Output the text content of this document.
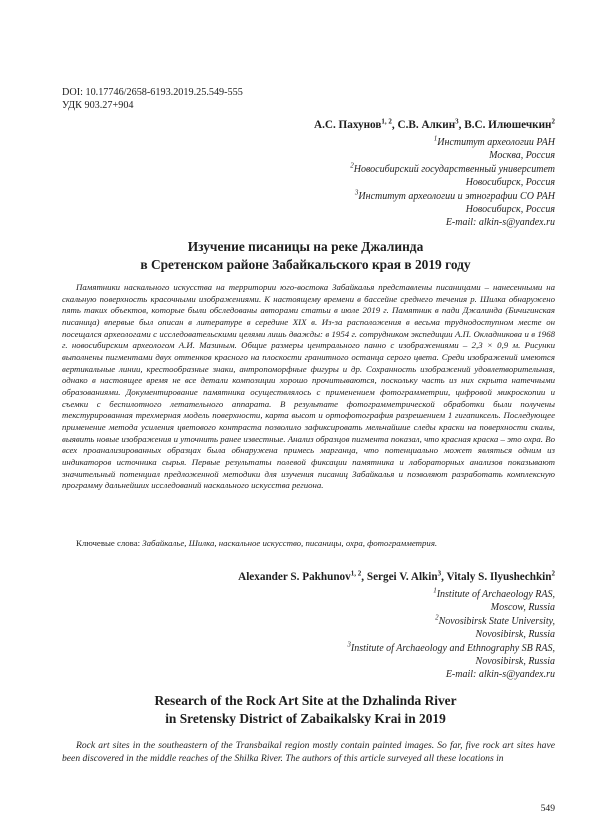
DOI: 10.17746/2658-6193.2019.25.549-555
УДК 903.27+904
А.С. Пахунов$^{1, 2}$, С.В. Алкин$^3$, В.С. Илюшечкин$^2$
$^1$Институт археологии РАН
Москва, Россия
$^2$Новосибирский государственный университет
Новосибирск, Россия
$^3$Институт археологии и этнографии СО РАН
Новосибирск, Россия
E-mail: alkin-s@yandex.ru
Изучение писаницы на реке Джалинда
в Сретенском районе Забайкальского края в 2019 году
Памятники наскального искусства на территории юго-востока Забайкалья представлены писаницами – нанесенными на скальную поверхность красочными изображениями. К настоящему времени в бассейне среднего течения р. Шилка обнаружено пять таких объектов, которые были обследованы авторами статьи в июле 2019 г. Памятник в пади Джалинда (Бичигинская писаница) впервые был описан в литературе в середине XIX в. Из-за расположения в весьма труднодоступном месте он посещался археологами с исследовательскими целями лишь дважды: в 1954 г. сотрудником экспедиции А.П. Окладникова и в 1968 г. новосибирским археологом А.И. Мазиным. Общие размеры центрального панно с изображениями – 2,3 × 0,9 м. Рисунки выполнены пигментами двух оттенков красного на плоскости гранитного останца серого цвета. Среди изображений имеются вертикальные линии, крестообразные знаки, антропоморфные фигуры и др. Сохранность изображений удовлетворительная, однако в настоящее время не все детали композиции хорошо прочитываются, поскольку часть из них скрыта натечными образованиями. Документирование памятника осуществлялось с применением фотограмметрии, цифровой микроскопии и съемки с беспилотного летательного аппарата. В результате фотограмметрической обработки были получены текстурированная трехмерная модель поверхности, карта высот и ортофотография разрешением 1 гигапиксель. Последующее применение метода усиления цветового контраста позволило зафиксировать мельчайшие следы краски на поверхности скалы, выявить новые изображения и уточнить ранее известные. Анализ образцов пигмента показал, что красная краска – это охра. Во всех проанализированных образцах была обнаружена примесь марганца, что потенциально может являться одним из индикаторов источника сырья. Первые результаты полевой фиксации памятника и лабораторных анализов показывают значительный потенциал предложенной методики для изучения писаниц Забайкалья и позволяют разработать комплексную программу дальнейших исследований наскального искусства региона.
Ключевые слова: Забайкалье, Шилка, наскальное искусство, писаницы, охра, фотограмметрия.
Alexander S. Pakhunov$^{1, 2}$, Sergei V. Alkin$^3$, Vitaly S. Ilyushechkin$^2$
$^1$Institute of Archaeology RAS,
Moscow, Russia
$^2$Novosibirsk State University,
Novosibirsk, Russia
$^3$Institute of Archaeology and Ethnography SB RAS,
Novosibirsk, Russia
E-mail: alkin-s@yandex.ru
Research of the Rock Art Site at the Dzhalinda River
in Sretensky District of Zabaikalsky Krai in 2019
Rock art sites in the southeastern of the Transbaikal region mostly contain painted images. So far, five rock art sites have been discovered in the middle reaches of the Shilka River. The authors of this article surveyed all these locations in
549
